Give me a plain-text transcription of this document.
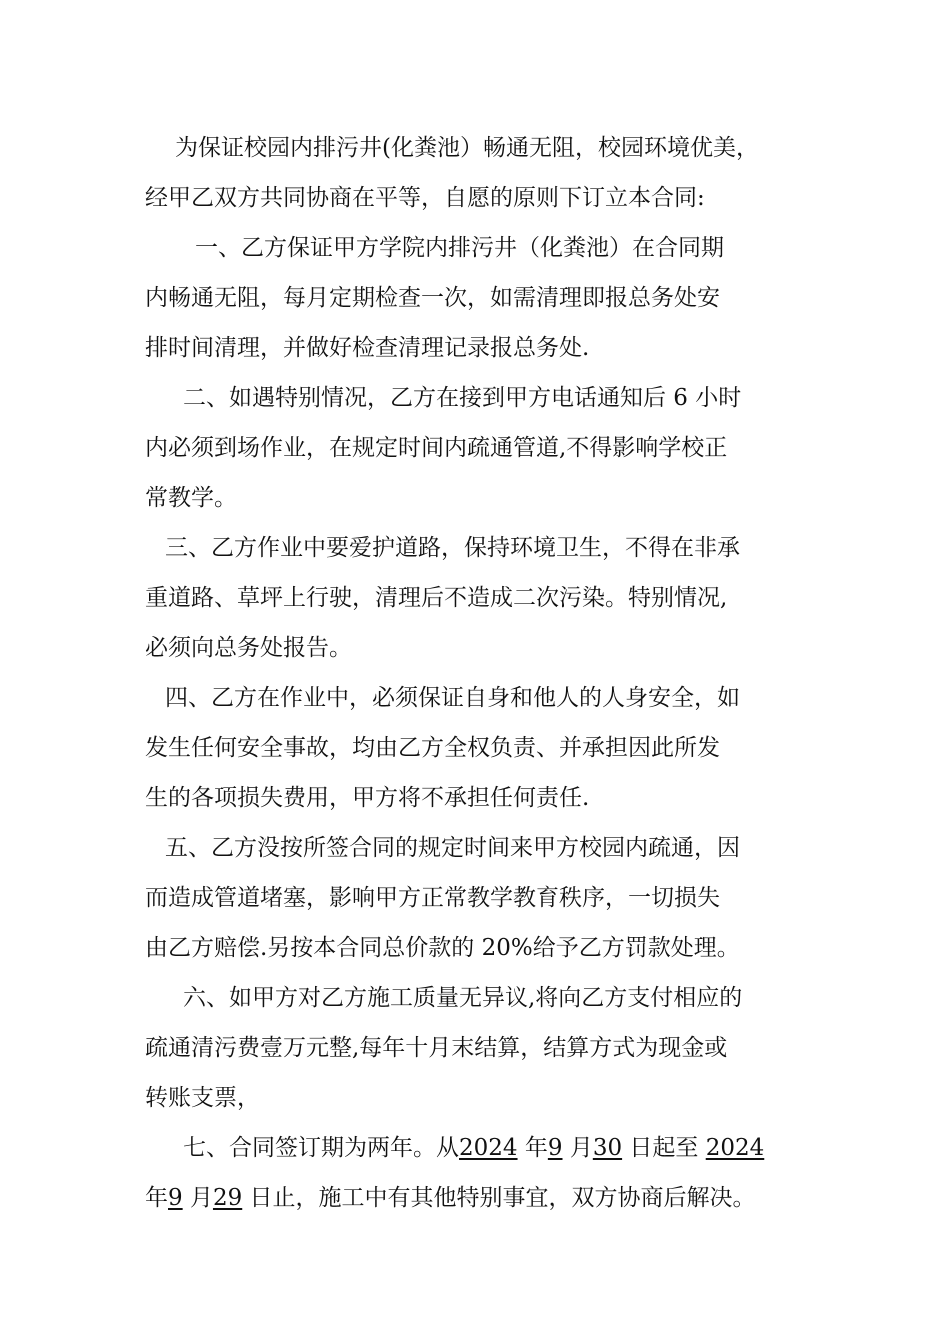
为保证校园内排污井(化粪池）畅通无阻，校园环境优美，
经甲乙双方共同协商在平等，自愿的原则下订立本合同:

一、乙方保证甲方学院内排污井（化粪池）在合同期
内畅通无阻，每月定期检查一次，如需清理即报总务处安
排时间清理，并做好检查清理记录报总务处.

二、如遇特别情况，乙方在接到甲方电话通知后 6 小时
内必须到场作业，在规定时间内疏通管道,不得影响学校正
常教学。

三、乙方作业中要爱护道路，保持环境卫生，不得在非承
重道路、草坪上行驶，清理后不造成二次污染。特别情况,
必须向总务处报告。

四、乙方在作业中，必须保证自身和他人的人身安全，如
发生任何安全事故，均由乙方全权负责、并承担因此所发
生的各项损失费用，甲方将不承担任何责任.

五、乙方没按所签合同的规定时间来甲方校园内疏通，因
而造成管道堵塞，影响甲方正常教学教育秩序，一切损失
由乙方赔偿.另按本合同总价款的 20%给予乙方罚款处理。

六、如甲方对乙方施工质量无异议,将向乙方支付相应的
疏通清污费壹万元整,每年十月末结算，结算方式为现金或
转账支票，

七、合同签订期为两年。从2024 年9 月30 日起至 2024
年9 月29 日止，施工中有其他特别事宜，双方协商后解决。
